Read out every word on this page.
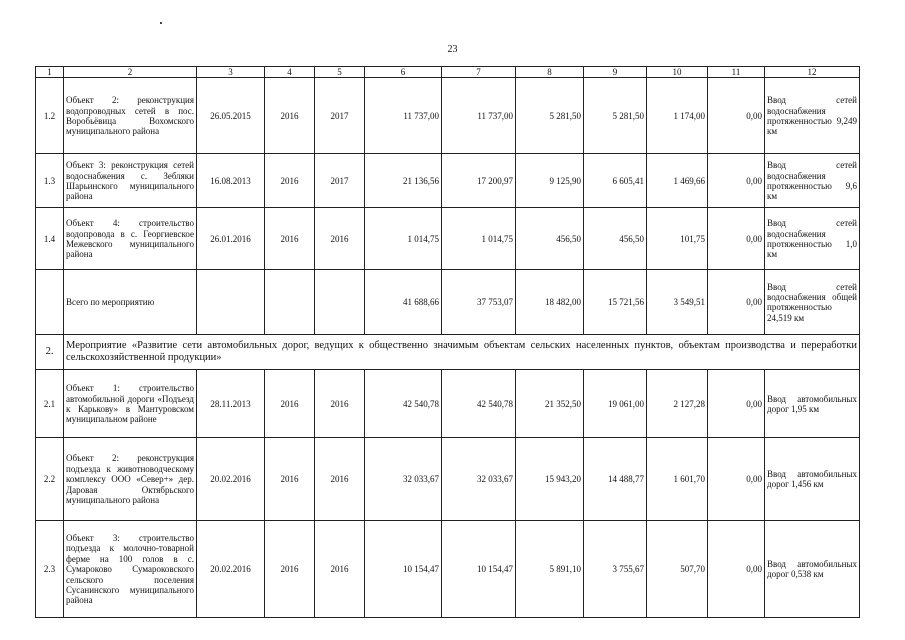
23
1	2	3	4	5	6	7	8	9	10	11	12
1.2	Объект 2: реконструкция водопроводных сетей в пос. Воробьёвица Вохомского муниципального района	26.05.2015	2016	2017	11 737,00	11 737,00	5 281,50	5 281,50	1 174,00	0,00	Ввод сетей водоснабжения протяженностью 9,249 км
1.3	Объект 3: реконструкция сетей водоснабжения с. Зебляки Шарьинского муниципального района	16.08.2013	2016	2017	21 136,56	17 200,97	9 125,90	6 605,41	1 469,66	0,00	Ввод сетей водоснабжения протяженностью 9,6 км
1.4	Объект 4: строительство водопровода в с. Георгиевское Межевского муниципального района	26.01.2016	2016	2016	1 014,75	1 014,75	456,50	456,50	101,75	0,00	Ввод сетей водоснабжения протяженностью 1,0 км
	Всего по мероприятию				41 688,66	37 753,07	18 482,00	15 721,56	3 549,51	0,00	Ввод сетей водоснабжения общей протяженностью 24,519 км
2.	Мероприятие «Развитие сети автомобильных дорог, ведущих к общественно значимым объектам сельских населенных пунктов, объектам производства и переработки сельскохозяйственной продукции»										
2.1	Объект 1: строительство автомобильной дороги «Подъезд к Карькову» в Мантуровском муниципальном районе	28.11.2013	2016	2016	42 540,78	42 540,78	21 352,50	19 061,00	2 127,28	0,00	Ввод автомобильных дорог 1,95 км
2.2	Объект 2: реконструкция подъезда к животноводческому комплексу ООО «Север+» дер. Даровая Октябрьского муниципального района	20.02.2016	2016	2016	32 033,67	32 033,67	15 943,20	14 488,77	1 601,70	0,00	Ввод автомобильных дорог 1,456 км
2.3	Объект 3: строительство подъезда к молочно-товарной ферме на 100 голов в с. Сумароково Сумароковского сельского поселения Сусанинского муниципального района	20.02.2016	2016	2016	10 154,47	10 154,47	5 891,10	3 755,67	507,70	0,00	Ввод автомобильных дорог 0,538 км
